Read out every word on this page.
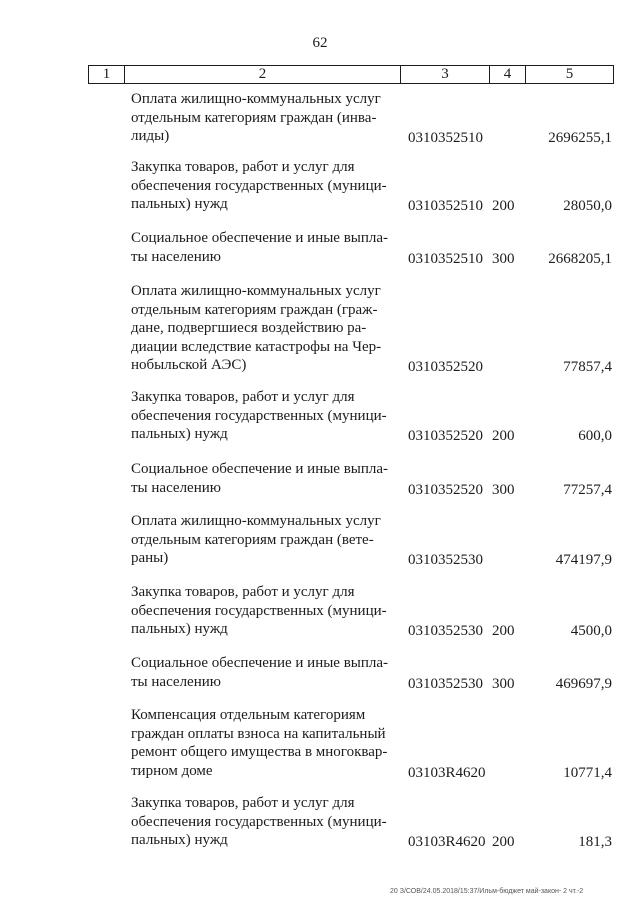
62
1	2	3	4	5
Оплата жилищно-коммунальных услуг
отдельным категориям граждан (инва-
лиды)	0310352510	2696255,1
Закупка товаров, работ и услуг для
обеспечения государственных (муници-
пальных) нужд	0310352510 200	28050,0
Социальное обеспечение и иные выпла-
ты населению	0310352510 300 2668205,1
Оплата жилищно-коммунальных услуг
отдельным категориям граждан (граж-
дане, подвергшиеся воздействию ра-
диации вследствие катастрофы на Чер-
нобыльской АЭС)	0310352520	77857,4
Закупка товаров, работ и услуг для
обеспечения государственных (муници-
пальных) нужд	0310352520 200	600,0
Социальное обеспечение и иные выпла-
ты населению	0310352520 300	77257,4
Оплата жилищно-коммунальных услуг
отдельным категориям граждан (вете-
раны)	0310352530	474197,9
Закупка товаров, работ и услуг для
обеспечения государственных (муници-
пальных) нужд	0310352530 200	4500,0
Социальное обеспечение и иные выпла-
ты населению	0310352530 300	469697,9
Компенсация отдельным категориям
граждан оплаты взноса на капитальный
ремонт общего имущества в многоквар-
тирном доме	03103R4620	10771,4
Закупка товаров, работ и услуг для
обеспечения государственных (муници-
пальных) нужд	03103R4620 200	181,3
20 З/СОВ/24.05.2018/15:37/Ильм-бюджет май-закон- 2 чт.-2
